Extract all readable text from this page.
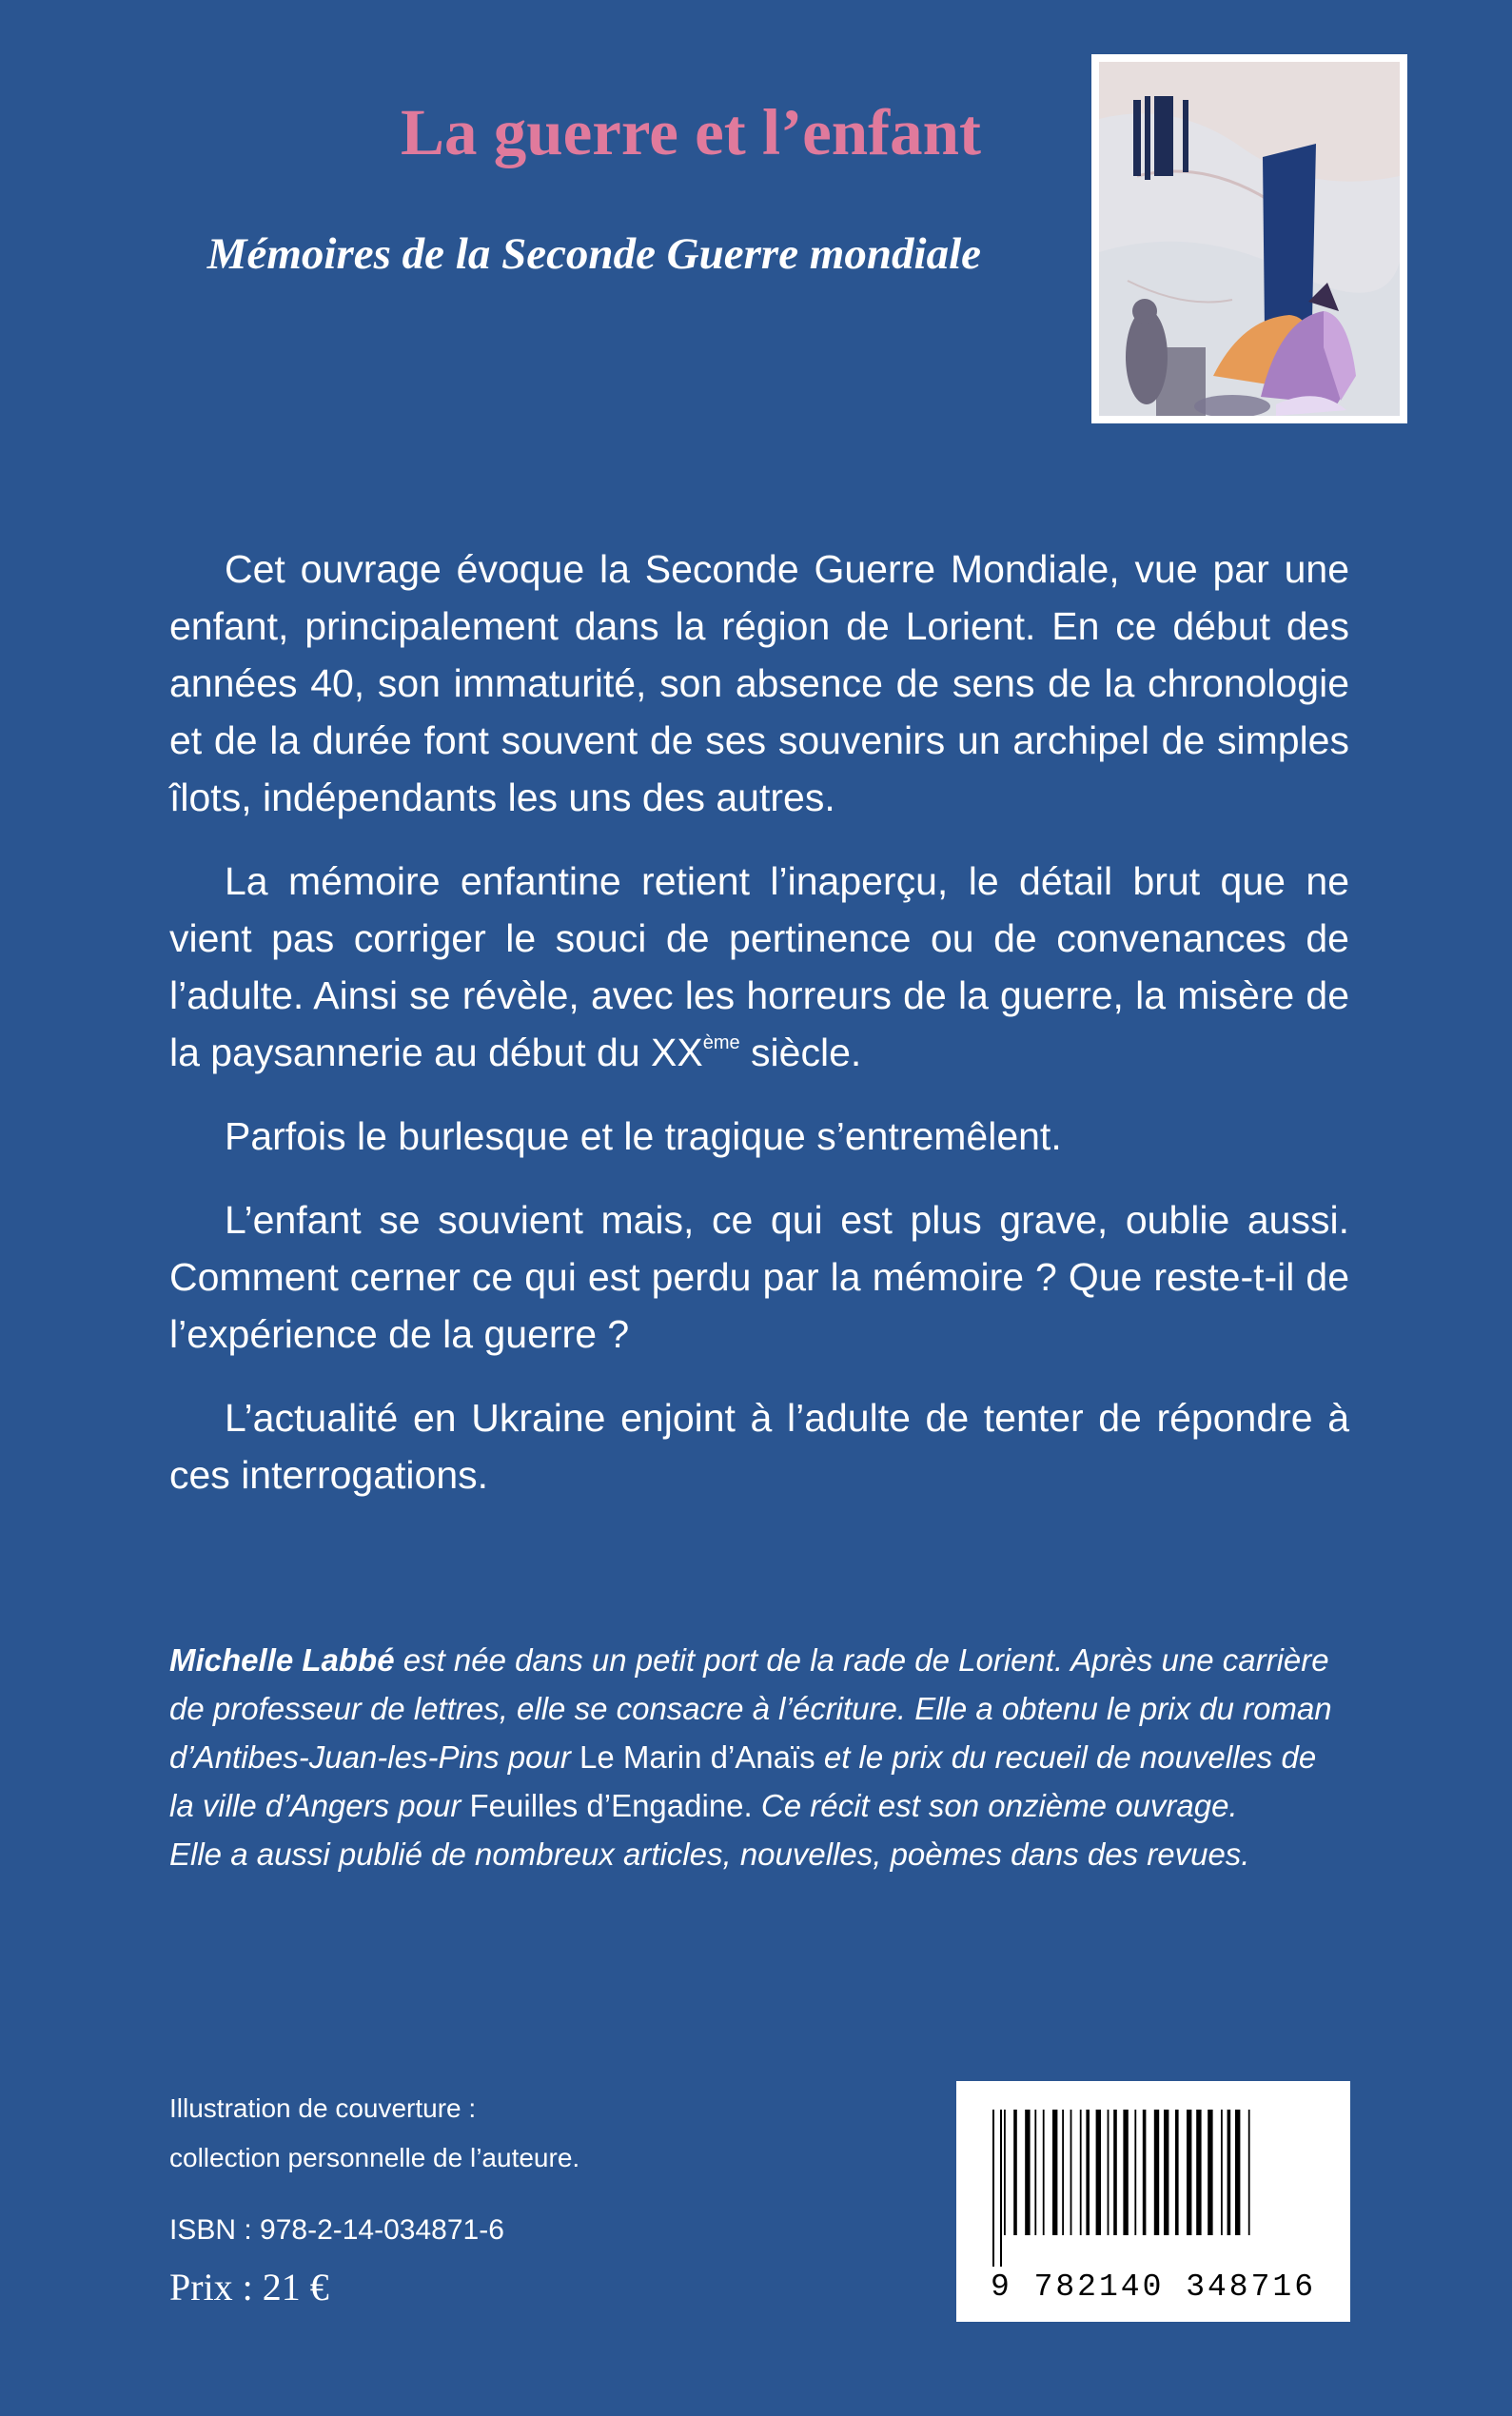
La guerre et l’enfant
Mémoires de la Seconde Guerre mondiale

Cet ouvrage évoque la Seconde Guerre Mondiale, vue par une enfant, principalement dans la région de Lorient. En ce début des années 40, son immaturité, son absence de sens de la chronologie et de la durée font souvent de ses souvenirs un archipel de simples îlots, indépendants les uns des autres.

La mémoire enfantine retient l’inaperçu, le détail brut que ne vient pas corriger le souci de pertinence ou de convenances de l’adulte. Ainsi se révèle, avec les horreurs de la guerre, la misère de la paysannerie au début du XXème siècle.

Parfois le burlesque et le tragique s’entremêlent.

L’enfant se souvient mais, ce qui est plus grave, oublie aussi. Comment cerner ce qui est perdu par la mémoire ? Que reste-t-il de l’expérience de la guerre ?

L’actualité en Ukraine enjoint à l’adulte de tenter de répondre à ces interrogations.

Michelle Labbé est née dans un petit port de la rade de Lorient. Après une carrière de professeur de lettres, elle se consacre à l’écriture. Elle a obtenu le prix du roman d’Antibes-Juan-les-Pins pour Le Marin d’Anaïs et le prix du recueil de nouvelles de la ville d’Angers pour Feuilles d’Engadine. Ce récit est son onzième ouvrage.

Elle a aussi publié de nombreux articles, nouvelles, poèmes dans des revues.

Illustration de couverture :
collection personnelle de l’auteure.
ISBN : 978-2-14-034871-6
Prix : 21 €	9 782140 348716
